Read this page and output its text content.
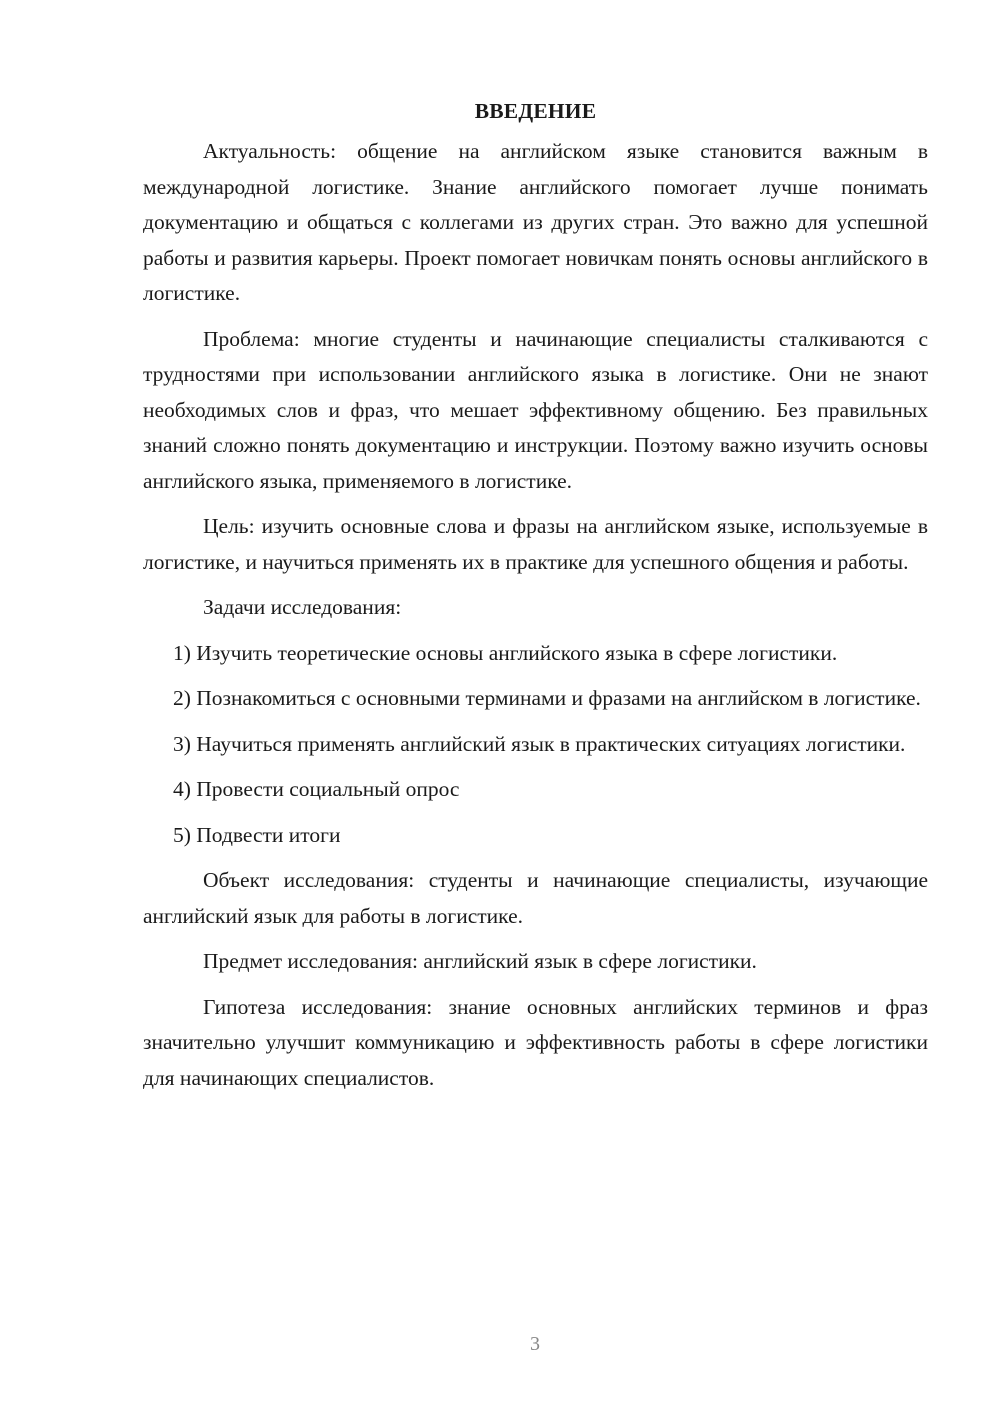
ВВЕДЕНИЕ

Актуальность: общение на английском языке становится важным в международной логистике. Знание английского помогает лучше понимать документацию и общаться с коллегами из других стран. Это важно для успешной работы и развития карьеры. Проект помогает новичкам понять основы английского в логистике.

Проблема: многие студенты и начинающие специалисты сталкиваются с трудностями при использовании английского языка в логистике. Они не знают необходимых слов и фраз, что мешает эффективному общению. Без правильных знаний сложно понять документацию и инструкции. Поэтому важно изучить основы английского языка, применяемого в логистике.

Цель: изучить основные слова и фразы на английском языке, используемые в логистике, и научиться применять их в практике для успешного общения и работы.

Задачи исследования:

1) Изучить теоретические основы английского языка в сфере логистики.

2) Познакомиться с основными терминами и фразами на английском в логистике.

3) Научиться применять английский язык в практических ситуациях логистики.

4) Провести социальный опрос

5) Подвести итоги

Объект исследования: студенты и начинающие специалисты, изучающие английский язык для работы в логистике.

Предмет исследования: английский язык в сфере логистики.

Гипотеза исследования: знание основных английских терминов и фраз значительно улучшит коммуникацию и эффективность работы в сфере логистики для начинающих специалистов.

3
